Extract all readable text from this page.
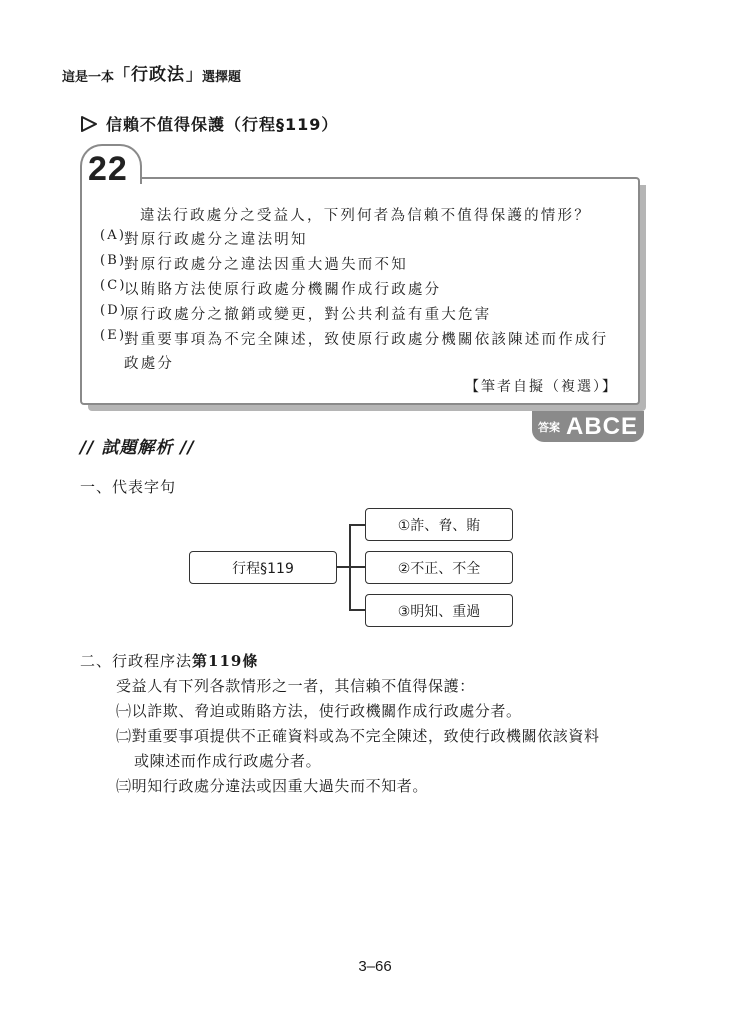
這是一本 「 行政法 」 選擇題
信賴不值得保護（行程§119）
22
違法行政處分之受益人，下列何者為信賴不值得保護的情形？
(A)
對原行政處分之違法明知
(B)
對原行政處分之違法因重大過失而不知
(C)
以賄賂方法使原行政處分機關作成行政處分
(D)
原行政處分之撤銷或變更，對公共利益有重大危害
(E)
對重要事項為不完全陳述，致使原行政處分機關依該陳述而作成行
政處分
【筆者自擬（複選）】
答案 ABCE
// 試題解析 //
一、代表字句
行程§119
①詐、脅、賄
②不正、不全
③明知、重過
二、行政程序法第119條
受益人有下列各款情形之一者，其信賴不值得保護：
㈠以詐欺、脅迫或賄賂方法，使行政機關作成行政處分者。
㈡對重要事項提供不正確資料或為不完全陳述，致使行政機關依該資料
或陳述而作成行政處分者。
㈢明知行政處分違法或因重大過失而不知者。
3–66
